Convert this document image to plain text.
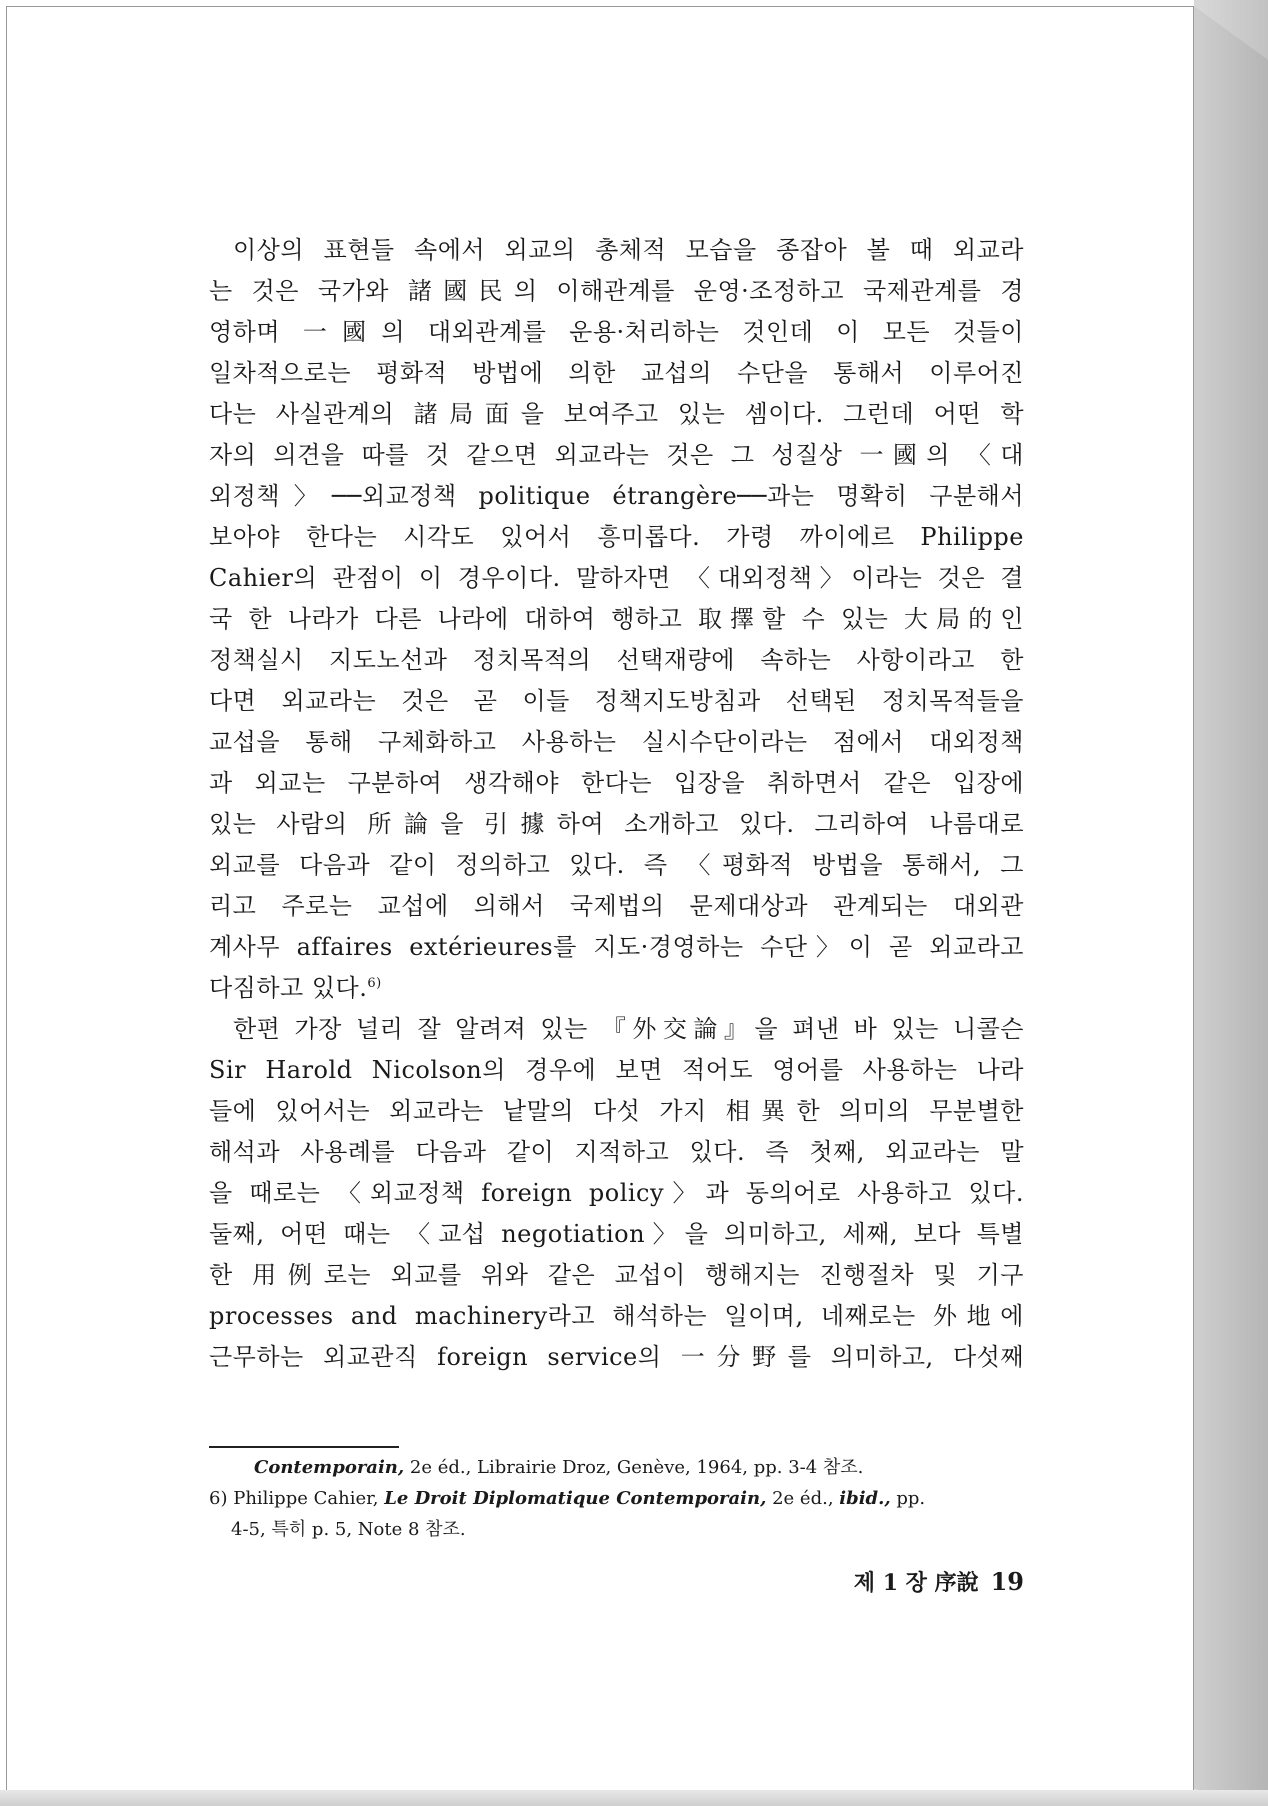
이상의 표현들 속에서 외교의 총체적 모습을 종잡아 볼 때 외교라
는 것은 국가와 諸國民의 이해관계를 운영·조정하고 국제관계를 경
영하며 一國의 대외관계를 운용·처리하는 것인데 이 모든 것들이
일차적으로는 평화적 방법에 의한 교섭의 수단을 통해서 이루어진
다는 사실관계의 諸局面을 보여주고 있는 셈이다. 그런데 어떤 학
자의 의견을 따를 것 같으면 외교라는 것은 그 성질상 一國의 〈대
외정책〉──외교정책 politique étrangère──과는 명확히 구분해서
보아야 한다는 시각도 있어서 흥미롭다. 가령 까이에르 Philippe
Cahier의 관점이 이 경우이다. 말하자면 〈대외정책〉이라는 것은 결
국 한 나라가 다른 나라에 대하여 행하고 取擇할 수 있는 大局的인
정책실시 지도노선과 정치목적의 선택재량에 속하는 사항이라고 한
다면 외교라는 것은 곧 이들 정책지도방침과 선택된 정치목적들을
교섭을 통해 구체화하고 사용하는 실시수단이라는 점에서 대외정책
과 외교는 구분하여 생각해야 한다는 입장을 취하면서 같은 입장에
있는 사람의 所論을 引據하여 소개하고 있다. 그리하여 나름대로
외교를 다음과 같이 정의하고 있다. 즉 〈평화적 방법을 통해서, 그
리고 주로는 교섭에 의해서 국제법의 문제대상과 관계되는 대외관
계사무 affaires extérieures를 지도·경영하는 수단〉이 곧 외교라고
다짐하고 있다.$^{6)}$
한편 가장 널리 잘 알려져 있는 『外交論』을 펴낸 바 있는 니콜슨
Sir Harold Nicolson의 경우에 보면 적어도 영어를 사용하는 나라
들에 있어서는 외교라는 낱말의 다섯 가지 相異한 의미의 무분별한
해석과 사용례를 다음과 같이 지적하고 있다. 즉 첫째, 외교라는 말
을 때로는 〈외교정책 foreign policy〉과 동의어로 사용하고 있다.
둘째, 어떤 때는 〈교섭 negotiation〉을 의미하고, 세째, 보다 특별
한 用例로는 외교를 위와 같은 교섭이 행해지는 진행절차 및 기구
processes and machinery라고 해석하는 일이며, 네째로는 外地에
근무하는 외교관직 foreign service의 一分野를 의미하고, 다섯째
Contemporain, 2e éd., Librairie Droz, Genève, 1964, pp. 3-4 참조.
6) Philippe Cahier, Le Droit Diplomatique Contemporain, 2e éd., ibid., pp.
4-5, 특히 p. 5, Note 8 참조.
제 1 장 序說 19
